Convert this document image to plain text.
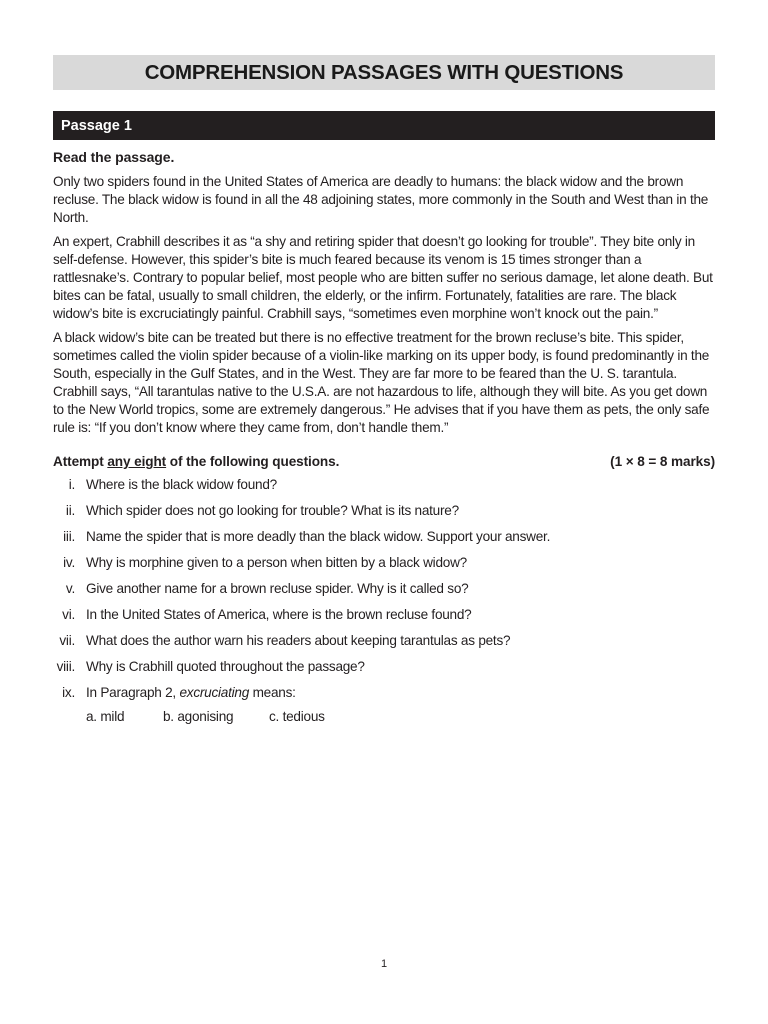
COMPREHENSION PASSAGES WITH QUESTIONS
Passage 1

Read the passage.

Only two spiders found in the United States of America are deadly to humans: the black widow and the brown recluse. The black widow is found in all the 48 adjoining states, more commonly in the South and West than in the North.

An expert, Crabhill describes it as “a shy and retiring spider that doesn’t go looking for trouble”. They bite only in self-defense. However, this spider’s bite is much feared because its venom is 15 times stronger than a rattlesnake’s. Contrary to popular belief, most people who are bitten suffer no serious damage, let alone death. But bites can be fatal, usually to small children, the elderly, or the infirm. Fortunately, fatalities are rare. The black widow’s bite is excruciatingly painful. Crabhill says, “sometimes even morphine won’t knock out the pain.”

A black widow’s bite can be treated but there is no effective treatment for the brown recluse’s bite. This spider, sometimes called the violin spider because of a violin-like marking on its upper body, is found predominantly in the South, especially in the Gulf States, and in the West. They are far more to be feared than the U. S. tarantula. Crabhill says, “All tarantulas native to the U.S.A. are not hazardous to life, although they will bite. As you get down to the New World tropics, some are extremely dangerous.” He advises that if you have them as pets, the only safe rule is: “If you don’t know where they came from, don’t handle them.”

Attempt any eight of the following questions.	(1 × 8 = 8 marks)
i. Where is the black widow found?
ii. Which spider does not go looking for trouble? What is its nature?
iii. Name the spider that is more deadly than the black widow. Support your answer.
iv. Why is morphine given to a person when bitten by a black widow?
v. Give another name for a brown recluse spider. Why is it called so?
vi. In the United States of America, where is the brown recluse found?
vii. What does the author warn his readers about keeping tarantulas as pets?
viii. Why is Crabhill quoted throughout the passage?
ix. In Paragraph 2, excruciating means:
a. mild	b. agonising	c. tedious
1
